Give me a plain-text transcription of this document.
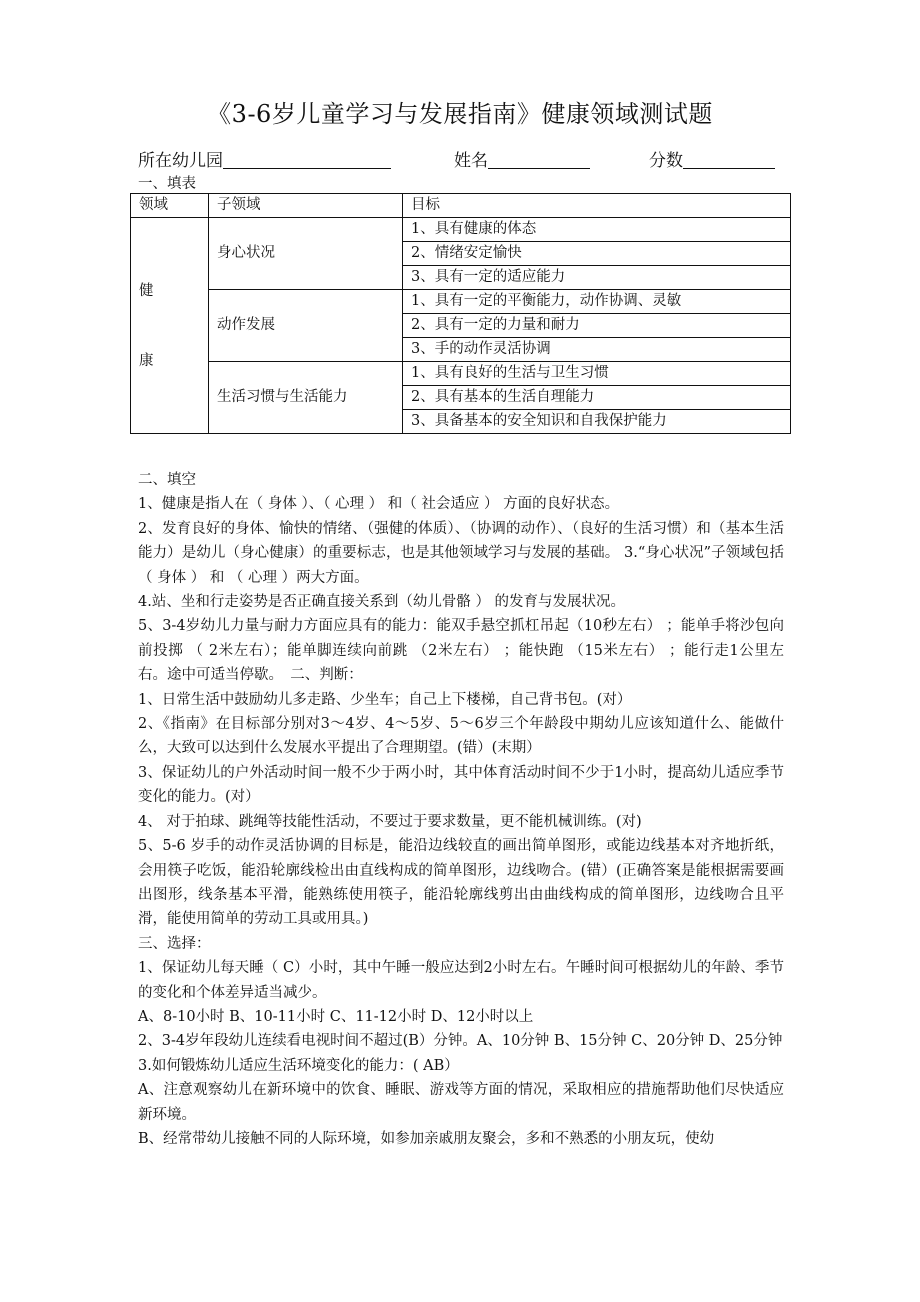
《3-6岁儿童学习与发展指南》健康领域测试题
所在幼儿园	姓名	分数
一、填表
领域	子领域	目标

健
康	身心状况	1、具有健康的体态
		2、情绪安定愉快
		3、具有一定的适应能力
	动作发展	1、具有一定的平衡能力，动作协调、灵敏
		2、具有一定的力量和耐力
		3、手的动作灵活协调
	生活习惯与生活能力	1、具有良好的生活与卫生习惯
		2、具有基本的生活自理能力
		3、具备基本的安全知识和自我保护能力

二、填空

1、健康是指人在（ 身体 ）、（ 心理 ） 和（ 社会适应 ） 方面的良好状态。

2、发育良好的身体、愉快的情绪、（强健的体质）、（协调的动作）、（良好的生活习惯）和（基本生活能力）是幼儿（身心健康）的重要标志，也是其他领域学习与发展的基础。 3.“身心状况”子领域包括 （ 身体 ） 和 （ 心理 ）两大方面。

4.站、坐和行走姿势是否正确直接关系到（幼儿骨骼 ） 的发育与发展状况。

5、3-4岁幼儿力量与耐力方面应具有的能力：能双手悬空抓杠吊起（10秒左右） ；能单手将沙包向前投掷 （ 2米左右）；能单脚连续向前跳 （2米左右） ；能快跑 （15米左右） ；能行走1公里左右。途中可适当停歇。　二、判断：

1、日常生活中鼓励幼儿多走路、少坐车；自己上下楼梯，自己背书包。(对）

2、《指南》在目标部分别对3～4岁、4～5岁、5～6岁三个年龄段中期幼儿应该知道什么、能做什么，大致可以达到什么发展水平提出了合理期望。(错）(末期）

3、保证幼儿的户外活动时间一般不少于两小时，其中体育活动时间不少于1小时，提高幼儿适应季节变化的能力。(对）

4、 对于拍球、跳绳等技能性活动，不要过于要求数量，更不能机械训练。(对)

5、5-6 岁手的动作灵活协调的目标是，能沿边线较直的画出简单图形，或能边线基本对齐地折纸，会用筷子吃饭，能沿轮廓线检出由直线构成的简单图形，边线吻合。(错）(正确答案是能根据需要画出图形，线条基本平滑，能熟练使用筷子，能沿轮廓线剪出由曲线构成的简单图形，边线吻合且平滑，能使用简单的劳动工具或用具。)

三、选择：

1、保证幼儿每天睡（ C）小时，其中午睡一般应达到2小时左右。午睡时间可根据幼儿的年龄、季节的变化和个体差异适当减少。

A、8-10小时 B、10-11小时 C、11-12小时 D、12小时以上

2、3-4岁年段幼儿连续看电视时间不超过(B）分钟。A、10分钟 B、15分钟 C、20分钟 D、25分钟

3.如何锻炼幼儿适应生活环境变化的能力：( AB）

A、注意观察幼儿在新环境中的饮食、睡眠、游戏等方面的情况，采取相应的措施帮助他们尽快适应新环境。

B、经常带幼儿接触不同的人际环境，如参加亲戚朋友聚会，多和不熟悉的小朋友玩，使幼
